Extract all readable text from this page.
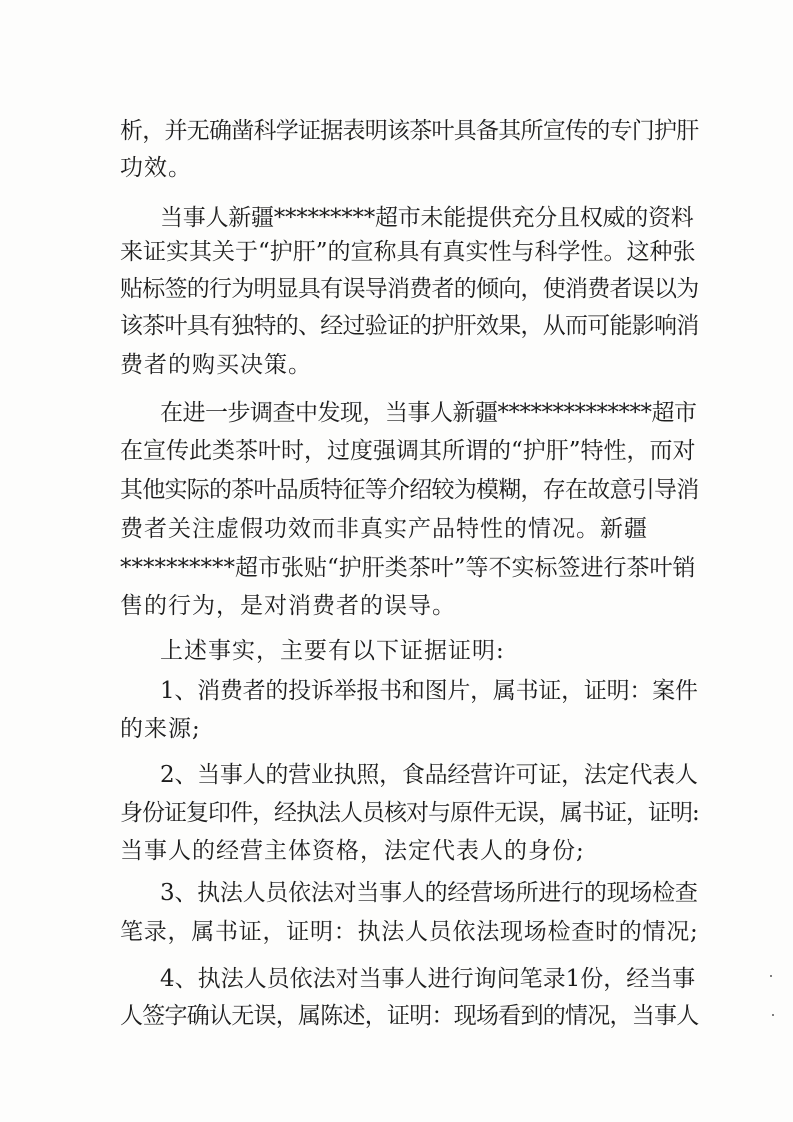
析，并无确凿科学证据表明该茶叶具备其所宣传的专门护肝
功效。
当事人新疆*********超市未能提供充分且权威的资料
来证实其关于“护肝”的宣称具有真实性与科学性。这种张
贴标签的行为明显具有误导消费者的倾向，使消费者误以为
该茶叶具有独特的、经过验证的护肝效果，从而可能影响消
费者的购买决策。
在进一步调查中发现，当事人新疆**************超市
在宣传此类茶叶时，过度强调其所谓的“护肝”特性，而对
其他实际的茶叶品质特征等介绍较为模糊，存在故意引导消
费者关注虚假功效而非真实产品特性的情况。新疆
**********超市张贴“护肝类茶叶”等不实标签进行茶叶销
售的行为，是对消费者的误导。
上述事实，主要有以下证据证明:
1、消费者的投诉举报书和图片，属书证，证明：案件
的来源;
2、当事人的营业执照，食品经营许可证，法定代表人
身份证复印件，经执法人员核对与原件无误，属书证，证明:
当事人的经营主体资格，法定代表人的身份;
3、执法人员依法对当事人的经营场所进行的现场检查
笔录，属书证，证明：执法人员依法现场检查时的情况;
4、执法人员依法对当事人进行询问笔录1份，经当事
人签字确认无误，属陈述，证明：现场看到的情况，当事人
